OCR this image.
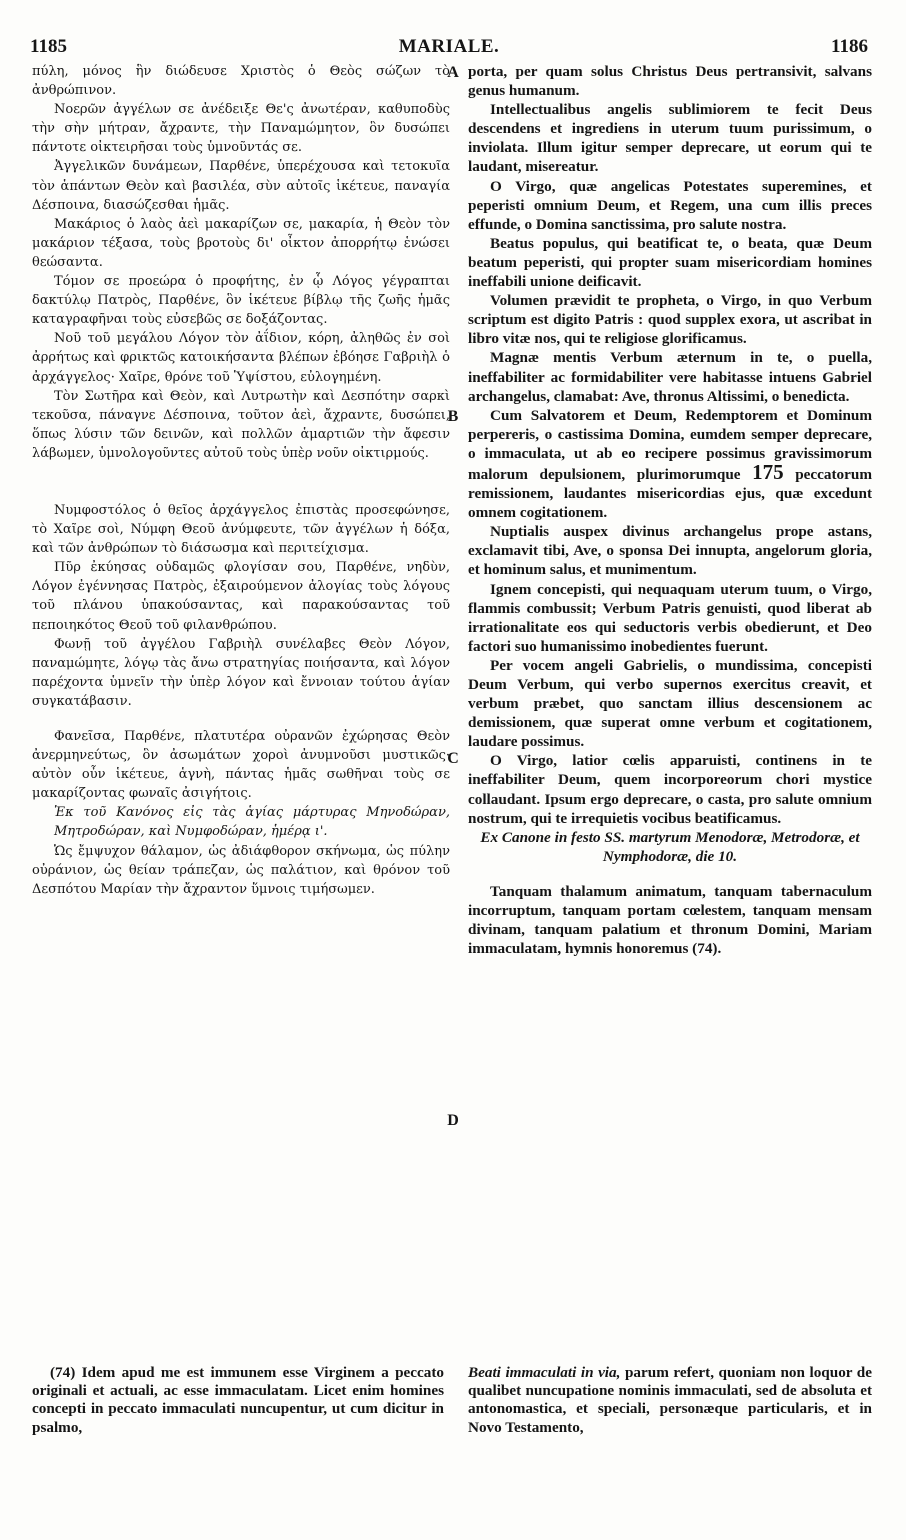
1185	MARIALE.	1186
A
B
C
D

πύλη, μόνος ἣν διώδευσε Χριστὸς ὁ Θεὸς σώζων τὸ ἀνθρώπινον.

Νοερῶν ἀγγέλων σε ἀνέδειξε Θε'ς ἀνωτέραν, καθυποδὺς τὴν σὴν μήτραν, ἄχραντε, τὴν Παναμώμητον, ὃν δυσώπει πάντοτε οἰκτειρῆσαι τοὺς ὑμνοῦντάς σε.

Ἀγγελικῶν δυνάμεων, Παρθένε, ὑπερέχουσα καὶ τετοκυῖα τὸν ἁπάντων Θεὸν καὶ βασιλέα, σὺν αὐτοῖς ἱκέτευε, παναγία Δέσποινα, διασώζεσθαι ἡμᾶς.

Μακάριος ὁ λαὸς ἀεὶ μακαρίζων σε, μακαρία, ἡ Θεὸν τὸν μακάριον τέξασα, τοὺς βροτοὺς δι' οἶκτον ἀπορρήτῳ ἑνώσει θεώσαντα.

Τόμον σε προεώρα ὁ προφήτης, ἐν ᾧ Λόγος γέγραπται δακτύλῳ Πατρὸς, Παρθένε, ὃν ἱκέτευε βίβλῳ τῆς ζωῆς ἡμᾶς καταγραφῆναι τοὺς εὐσεβῶς σε δοξάζοντας.

Νοῦ τοῦ μεγάλου Λόγον τὸν ἀΐδιον, κόρη, ἀληθῶς ἐν σοὶ ἀρρήτως καὶ φρικτῶς κατοικήσαντα βλέπων ἐβόησε Γαβριὴλ ὁ ἀρχάγγελος· Χαῖρε, θρόνε τοῦ Ὑψίστου, εὐλογημένη.

Τὸν Σωτῆρα καὶ Θεὸν, καὶ Λυτρωτὴν καὶ Δεσπότην σαρκὶ τεκοῦσα, πάναγνε Δέσποινα, τοῦτον ἀεὶ, ἄχραντε, δυσώπει, ὅπως λύσιν τῶν δεινῶν, καὶ πολλῶν ἁμαρτιῶν τὴν ἄφεσιν λάβωμεν, ὑμνολογοῦντες αὐτοῦ τοὺς ὑπὲρ νοῦν οἰκτιρμούς.

Νυμφοστόλος ὁ θεῖος ἀρχάγγελος ἐπιστὰς προσεφώνησε, τὸ Χαῖρε σοὶ, Νύμφη Θεοῦ ἀνύμφευτε, τῶν ἀγγέλων ἡ δόξα, καὶ τῶν ἀνθρώπων τὸ διάσωσμα καὶ περιτείχισμα.

Πῦρ ἐκύησας οὐδαμῶς φλογίσαν σου, Παρθένε, νηδὺν, Λόγον ἐγέννησας Πατρὸς, ἐξαιρούμενον ἀλογίας τοὺς λόγους τοῦ πλάνου ὑπακούσαντας, καὶ παρακούσαντας τοῦ πεποιηκότος Θεοῦ τοῦ φιλανθρώπου.

Φωνῇ τοῦ ἀγγέλου Γαβριὴλ συνέλαβες Θεὸν Λόγον, παναμώμητε, λόγῳ τὰς ἄνω στρατηγίας ποιήσαντα, καὶ λόγον παρέχοντα ὑμνεῖν τὴν ὑπὲρ λόγον καὶ ἔννοιαν τούτου ἁγίαν συγκατάβασιν.

Φανεῖσα, Παρθένε, πλατυτέρα οὐρανῶν ἐχώρησας Θεὸν ἀνερμηνεύτως, ὃν ἀσωμάτων χοροὶ ἀνυμνοῦσι μυστικῶς· αὐτὸν οὖν ἱκέτευε, ἁγνὴ, πάντας ἡμᾶς σωθῆναι τοὺς σε μακαρίζοντας φωναῖς ἀσιγήτοις.

Ἐκ τοῦ Κανόνος εἰς τὰς ἁγίας μάρτυρας Μηνοδώραν, Μητροδώραν, καὶ Νυμφοδώραν, ἡμέρᾳ ι'.

Ὡς ἔμψυχον θάλαμον, ὡς ἀδιάφθορον σκήνωμα, ὡς πύλην οὐράνιον, ὡς θείαν τράπεζαν, ὡς παλάτιον, καὶ θρόνον τοῦ Δεσπότου Μαρίαν τὴν ἄχραντον ὕμνοις τιμήσωμεν.

porta, per quam solus Christus Deus pertransivit, salvans genus humanum.

Intellectualibus angelis sublimiorem te fecit Deus descendens et ingrediens in uterum tuum purissimum, o inviolata. Illum igitur semper deprecare, ut eorum qui te laudant, misereatur.

O Virgo, quæ angelicas Potestates superemines, et peperisti omnium Deum, et Regem, una cum illis preces effunde, o Domina sanctissima, pro salute nostra.

Beatus populus, qui beatificat te, o beata, quæ Deum beatum peperisti, qui propter suam misericordiam homines ineffabili unione deificavit.

Volumen prævidit te propheta, o Virgo, in quo Verbum scriptum est digito Patris : quod supplex exora, ut ascribat in libro vitæ nos, qui te religiose glorificamus.

Magnæ mentis Verbum æternum in te, o puella, ineffabiliter ac formidabiliter vere habitasse intuens Gabriel archangelus, clamabat: Ave, thronus Altissimi, o benedicta.

Cum Salvatorem et Deum, Redemptorem et Dominum perpereris, o castissima Domina, eumdem semper deprecare, o immaculata, ut ab eo recipere possimus gravissimorum malorum depulsionem, plurimorumque 175 peccatorum remissionem, laudantes misericordias ejus, quæ excedunt omnem cogitationem.

Nuptialis auspex divinus archangelus prope astans, exclamavit tibi, Ave, o sponsa Dei innupta, angelorum gloria, et hominum salus, et munimentum.

Ignem concepisti, qui nequaquam uterum tuum, o Virgo, flammis combussit; Verbum Patris genuisti, quod liberat ab irrationalitate eos qui seductoris verbis obedierunt, et Deo factori suo humanissimo inobedientes fuerunt.

Per vocem angeli Gabrielis, o mundissima, concepisti Deum Verbum, qui verbo supernos exercitus creavit, et verbum præbet, quo sanctam illius descensionem ac demissionem, quæ superat omne verbum et cogitationem, laudare possimus.

O Virgo, latior cœlis apparuisti, continens in te ineffabiliter Deum, quem incorporeorum chori mystice collaudant. Ipsum ergo deprecare, o casta, pro salute omnium nostrum, qui te irrequietis vocibus beatificamus.

Ex Canone in festo SS. martyrum Menodoræ, Metrodoræ, et Nymphodoræ, die 10.

Tanquam thalamum animatum, tanquam tabernaculum incorruptum, tanquam portam cœlestem, tanquam mensam divinam, tanquam palatium et thronum Domini, Mariam immaculatam, hymnis honoremus (74).

(74) Idem apud me est immunem esse Virginem a peccato originali et actuali, ac esse immaculatam. Licet enim homines concepti in peccato immaculati nuncupentur, ut cum dicitur in psalmo,

Beati immaculati in via, parum refert, quoniam non loquor de qualibet nuncupatione nominis immaculati, sed de absoluta et antonomastica, et speciali, personæque particularis, et in Novo Testamento,
